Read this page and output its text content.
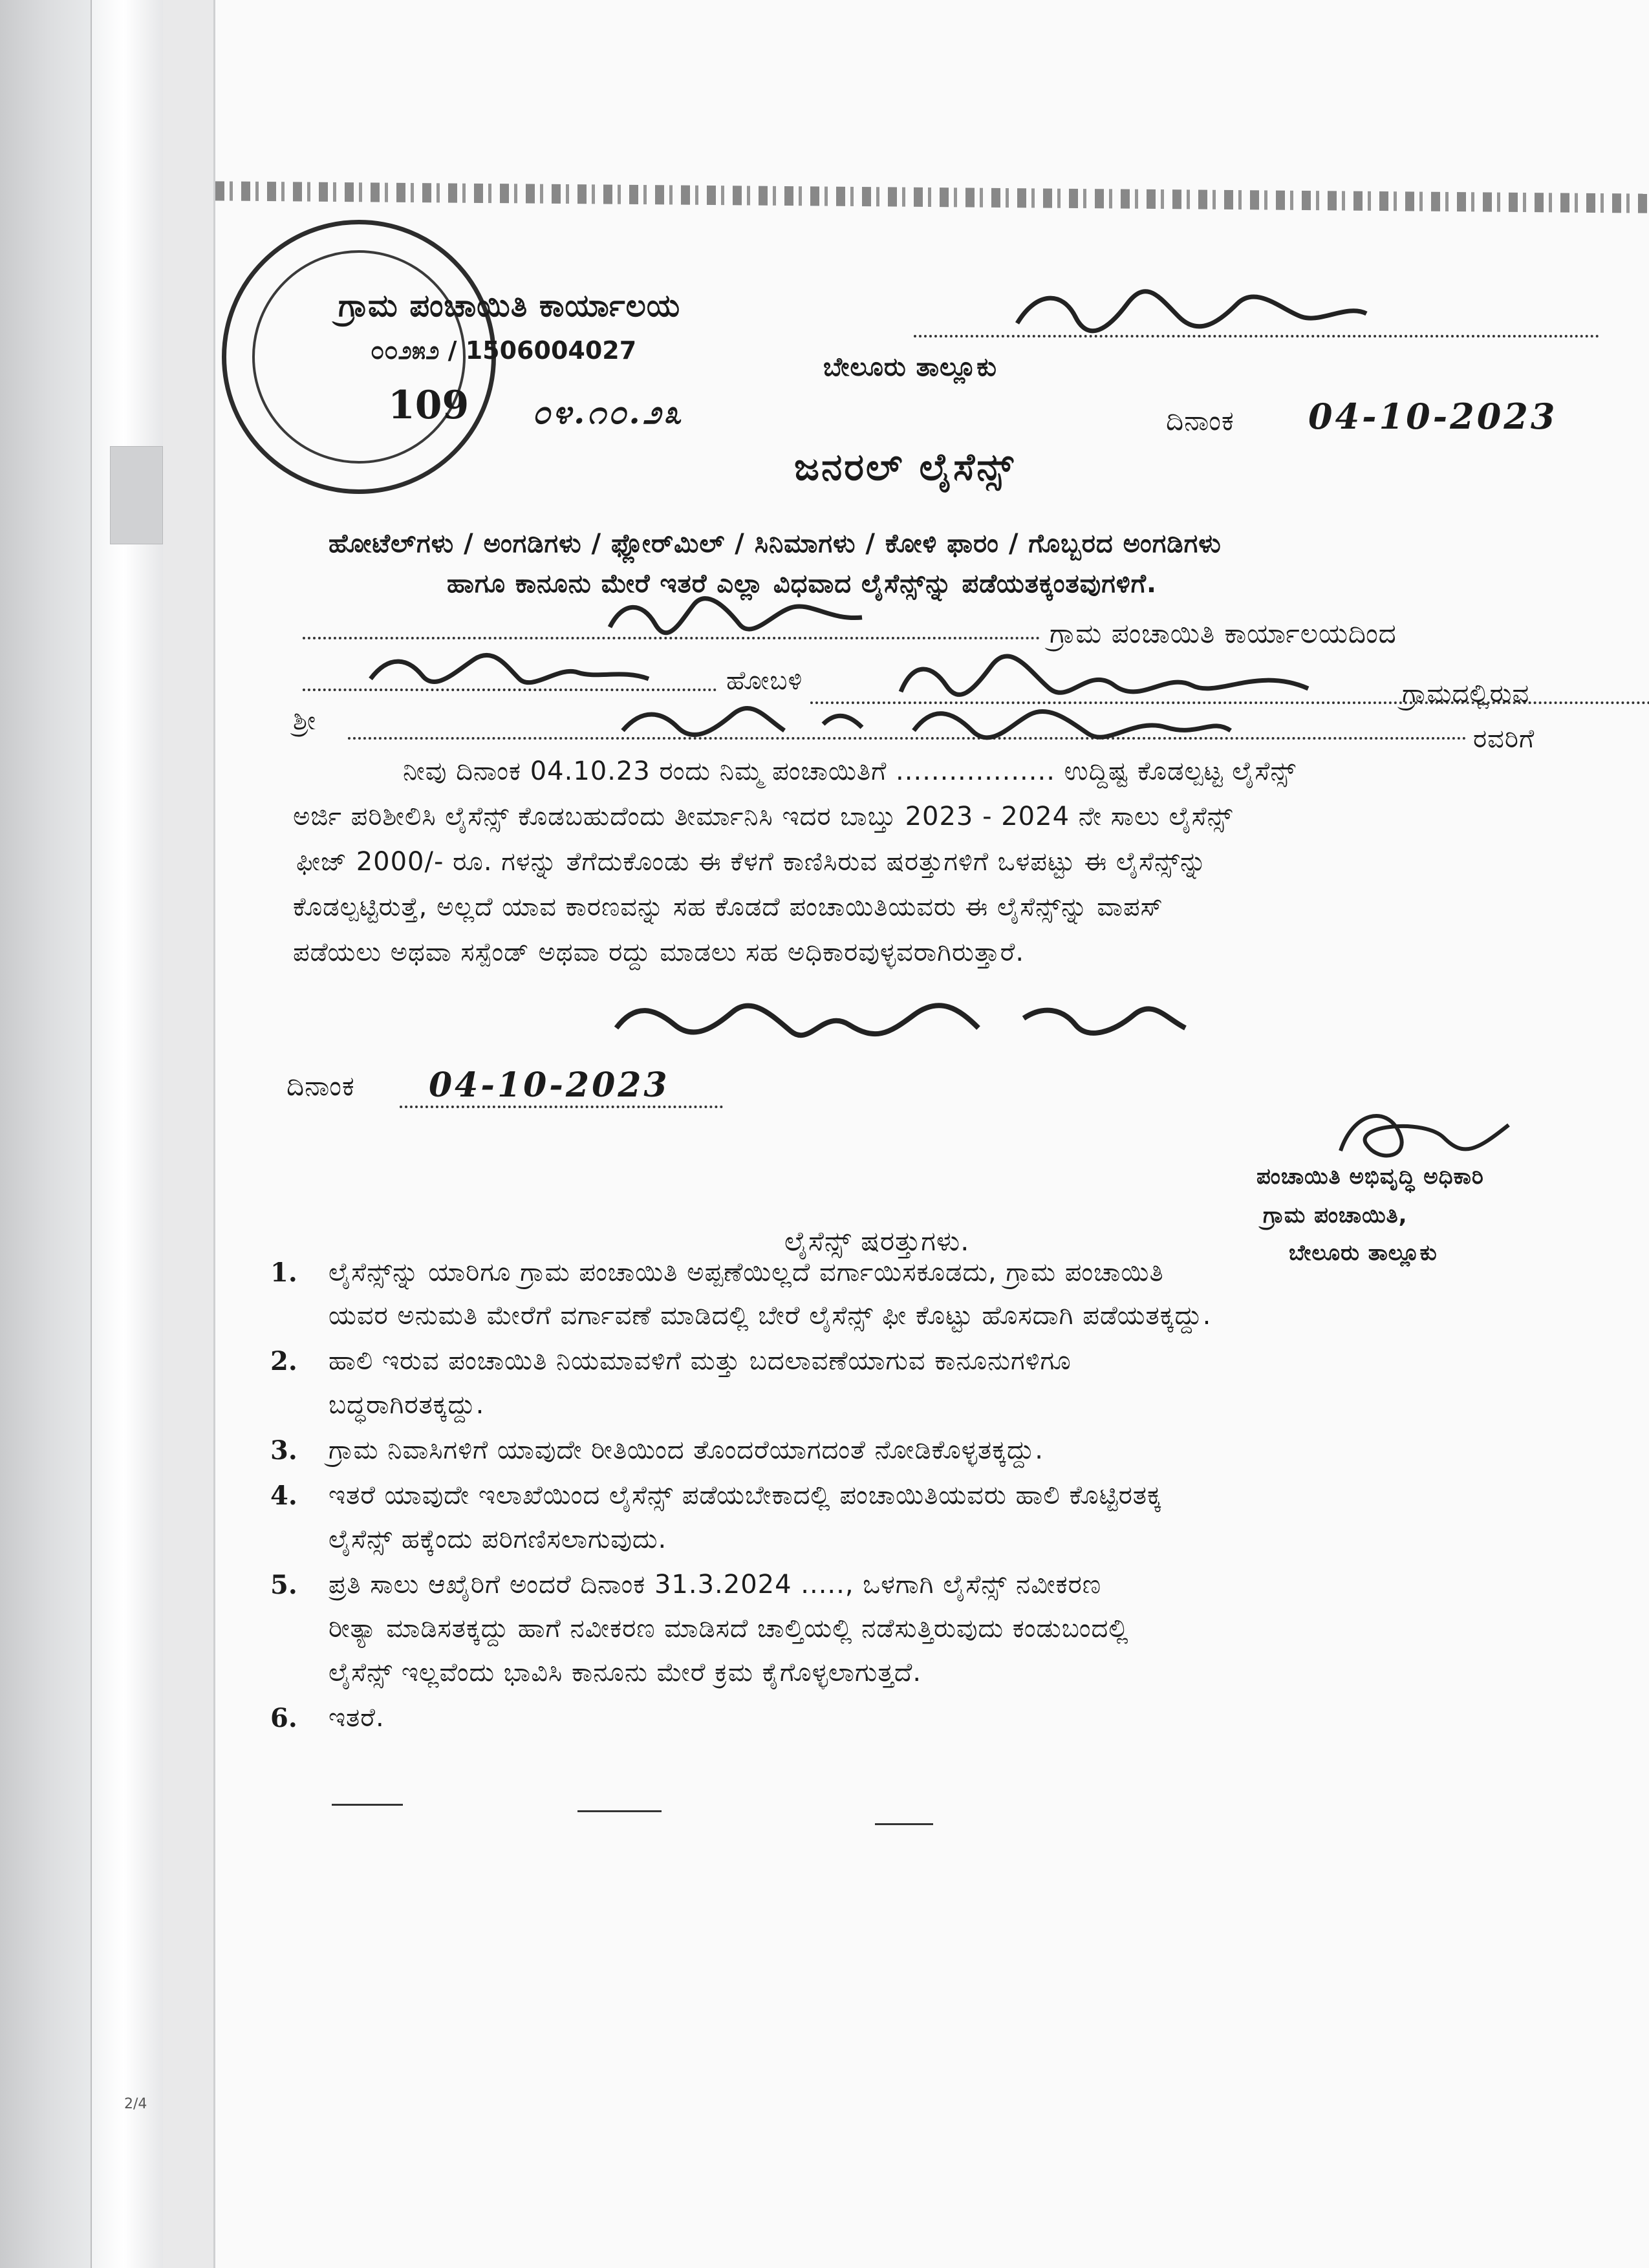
2/4
109
ಗ್ರಾಮ ಪಂಚಾಯಿತಿ ಕಾರ್ಯಾಲಯ
೦೦೨೫೨ / 1506004027
ಬೇಲೂರು ತಾಲ್ಲೂಕು
೦೪.೧೦.೨೩	ದಿನಾಂಕ 04-10-2023
ಜನರಲ್ ಲೈಸೆನ್ಸ್
ಹೋಟೆಲ್‌ಗಳು / ಅಂಗಡಿಗಳು / ಫ್ಲೋರ್‌ಮಿಲ್ / ಸಿನಿಮಾಗಳು / ಕೋಳಿ ಫಾರಂ / ಗೊಬ್ಬರದ ಅಂಗಡಿಗಳು
ಹಾಗೂ ಕಾನೂನು ಮೇರೆ ಇತರೆ ಎಲ್ಲಾ ವಿಧವಾದ ಲೈಸೆನ್ಸ್‌ನ್ನು ಪಡೆಯತಕ್ಕಂತವುಗಳಿಗೆ.
ಗ್ರಾಮ ಪಂಚಾಯಿತಿ ಕಾರ್ಯಾಲಯದಿಂದ
ಹೋಬಳಿ	ಗ್ರಾಮದಲ್ಲಿರುವ
ಶ್ರೀ
ರವರಿಗೆ
ನೀವು ದಿನಾಂಕ 04.10.23 ರಂದು ನಿಮ್ಮ ಪಂಚಾಯಿತಿಗೆ .................. ಉದ್ದಿಷ್ಟ ಕೊಡಲ್ಪಟ್ಟ ಲೈಸೆನ್ಸ್
ಅರ್ಜಿ ಪರಿಶೀಲಿಸಿ ಲೈಸೆನ್ಸ್ ಕೊಡಬಹುದೆಂದು ತೀರ್ಮಾನಿಸಿ ಇದರ ಬಾಬ್ತು 2023 - 2024 ನೇ ಸಾಲು ಲೈಸೆನ್ಸ್
ಫೀಜ್ 2000/- ರೂ. ಗಳನ್ನು ತೆಗೆದುಕೊಂಡು ಈ ಕೆಳಗೆ ಕಾಣಿಸಿರುವ ಷರತ್ತುಗಳಿಗೆ ಒಳಪಟ್ಟು ಈ ಲೈಸೆನ್ಸ್‌ನ್ನು
ಕೊಡಲ್ಪಟ್ಟಿರುತ್ತೆ, ಅಲ್ಲದೆ ಯಾವ ಕಾರಣವನ್ನು ಸಹ ಕೊಡದೆ ಪಂಚಾಯಿತಿಯವರು ಈ ಲೈಸೆನ್ಸ್‌ನ್ನು ವಾಪಸ್
ಪಡೆಯಲು ಅಥವಾ ಸಸ್ಪೆಂಡ್ ಅಥವಾ ರದ್ದು ಮಾಡಲು ಸಹ ಅಧಿಕಾರವುಳ್ಳವರಾಗಿರುತ್ತಾರೆ.
ದಿನಾಂಕ 04-10-2023
ಪಂಚಾಯಿತಿ ಅಭಿವೃದ್ಧಿ ಅಧಿಕಾರಿ
ಗ್ರಾಮ ಪಂಚಾಯಿತಿ,
ಬೇಲೂರು ತಾಲ್ಲೂಕು
ಲೈಸೆನ್ಸ್ ಷರತ್ತುಗಳು.
1. ಲೈಸೆನ್ಸ್‌ನ್ನು ಯಾರಿಗೂ ಗ್ರಾಮ ಪಂಚಾಯಿತಿ ಅಪ್ಪಣೆಯಿಲ್ಲದೆ ವರ್ಗಾಯಿಸಕೂಡದು, ಗ್ರಾಮ ಪಂಚಾಯಿತಿ
ಯವರ ಅನುಮತಿ ಮೇರೆಗೆ ವರ್ಗಾವಣೆ ಮಾಡಿದಲ್ಲಿ ಬೇರೆ ಲೈಸೆನ್ಸ್ ಫೀ ಕೊಟ್ಟು ಹೊಸದಾಗಿ ಪಡೆಯತಕ್ಕದ್ದು.
2. ಹಾಲಿ ಇರುವ ಪಂಚಾಯಿತಿ ನಿಯಮಾವಳಿಗೆ ಮತ್ತು ಬದಲಾವಣೆಯಾಗುವ ಕಾನೂನುಗಳಿಗೂ
ಬದ್ಧರಾಗಿರತಕ್ಕದ್ದು.
3. ಗ್ರಾಮ ನಿವಾಸಿಗಳಿಗೆ ಯಾವುದೇ ರೀತಿಯಿಂದ ತೊಂದರೆಯಾಗದಂತೆ ನೋಡಿಕೊಳ್ಳತಕ್ಕದ್ದು.
4. ಇತರೆ ಯಾವುದೇ ಇಲಾಖೆಯಿಂದ ಲೈಸೆನ್ಸ್ ಪಡೆಯಬೇಕಾದಲ್ಲಿ ಪಂಚಾಯಿತಿಯವರು ಹಾಲಿ ಕೊಟ್ಟಿರತಕ್ಕ
ಲೈಸೆನ್ಸ್ ಹಕ್ಕೆಂದು ಪರಿಗಣಿಸಲಾಗುವುದು.
5. ಪ್ರತಿ ಸಾಲು ಆಖೈರಿಗೆ ಅಂದರೆ ದಿನಾಂಕ 31.3.2024 ....., ಒಳಗಾಗಿ ಲೈಸೆನ್ಸ್ ನವೀಕರಣ
ರೀತ್ಯಾ ಮಾಡಿಸತಕ್ಕದ್ದು ಹಾಗೆ ನವೀಕರಣ ಮಾಡಿಸದೆ ಚಾಲ್ತಿಯಲ್ಲಿ ನಡೆಸುತ್ತಿರುವುದು ಕಂಡುಬಂದಲ್ಲಿ
ಲೈಸೆನ್ಸ್ ಇಲ್ಲವೆಂದು ಭಾವಿಸಿ ಕಾನೂನು ಮೇರೆ ಕ್ರಮ ಕೈಗೊಳ್ಳಲಾಗುತ್ತದೆ.
6. ಇತರೆ.
